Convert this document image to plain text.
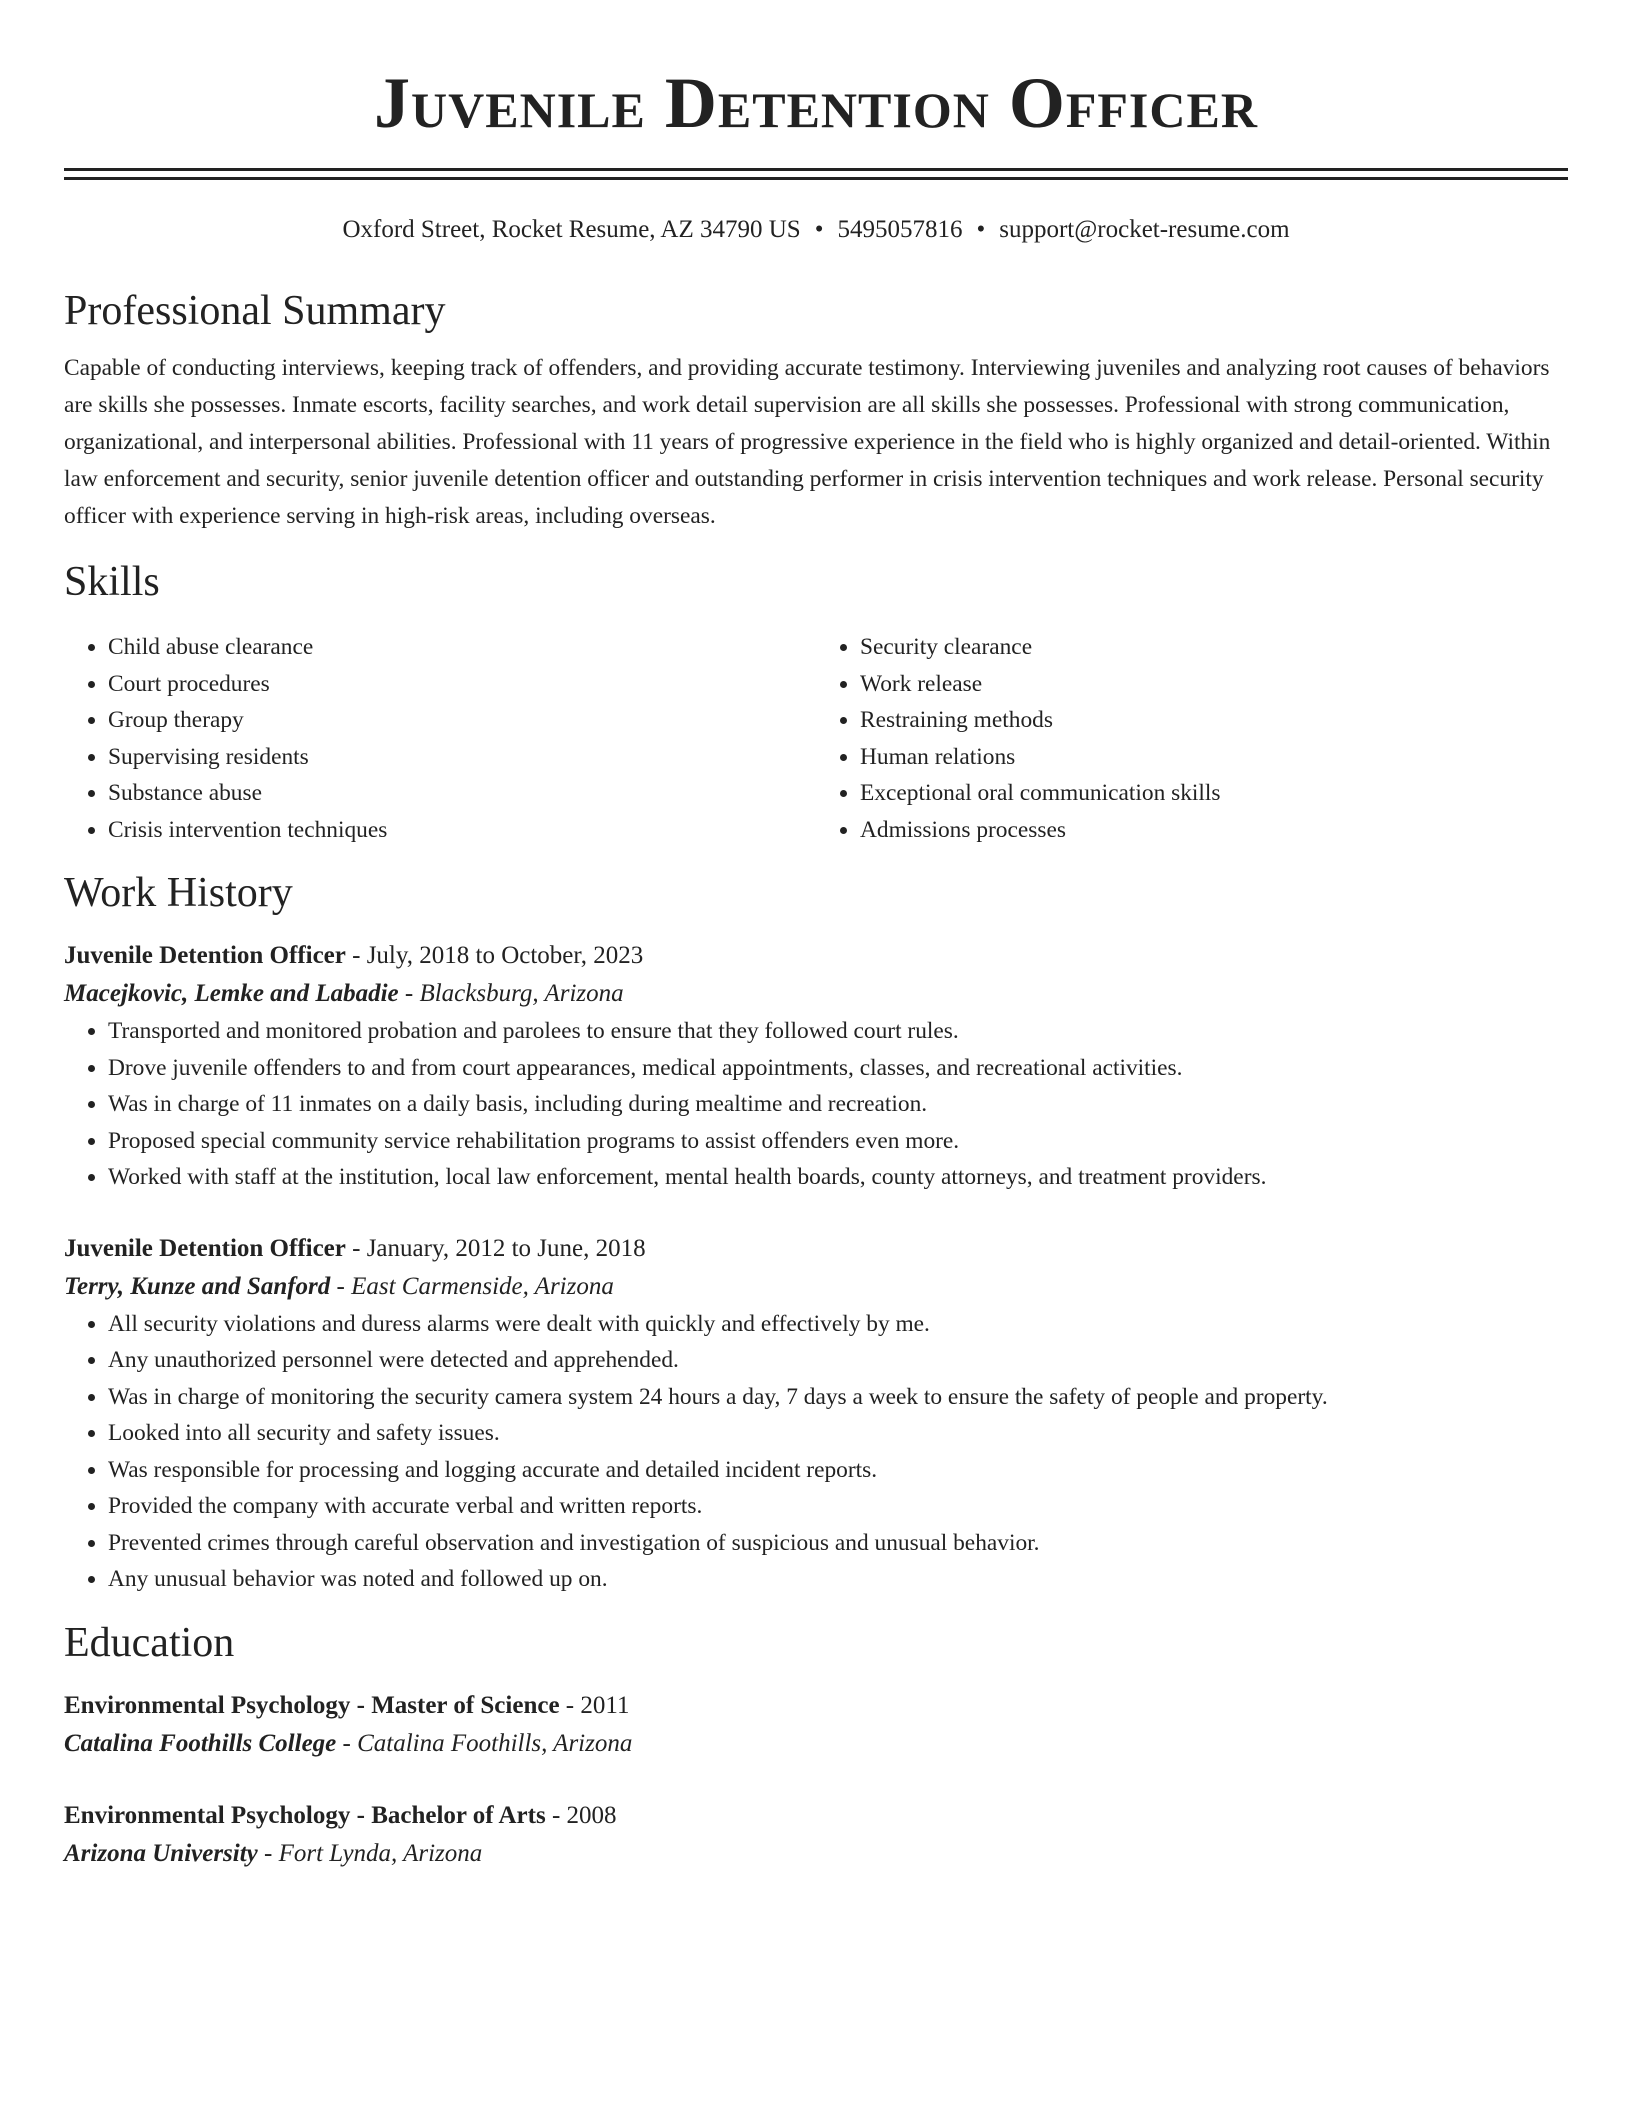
Juvenile Detention Officer
Oxford Street, Rocket Resume, AZ 34790 US • 5495057816 • support@rocket-resume.com
Professional Summary

Capable of conducting interviews, keeping track of offenders, and providing accurate testimony. Interviewing juveniles and analyzing root causes of behaviors are skills she possesses. Inmate escorts, facility searches, and work detail supervision are all skills she possesses. Professional with strong communication, organizational, and interpersonal abilities. Professional with 11 years of progressive experience in the field who is highly organized and detail-oriented. Within law enforcement and security, senior juvenile detention officer and outstanding performer in crisis intervention techniques and work release. Personal security officer with experience serving in high-risk areas, including overseas.

Skills
• Child abuse clearance
• Court procedures
• Group therapy
• Supervising residents
• Substance abuse
• Crisis intervention techniques
• Security clearance
• Work release
• Restraining methods
• Human relations
• Exceptional oral communication skills
• Admissions processes
Work History
Juvenile Detention Officer - July, 2018 to October, 2023
Macejkovic, Lemke and Labadie - Blacksburg, Arizona
• Transported and monitored probation and parolees to ensure that they followed court rules.
• Drove juvenile offenders to and from court appearances, medical appointments, classes, and recreational activities.
• Was in charge of 11 inmates on a daily basis, including during mealtime and recreation.
• Proposed special community service rehabilitation programs to assist offenders even more.
• Worked with staff at the institution, local law enforcement, mental health boards, county attorneys, and treatment providers.
Juvenile Detention Officer - January, 2012 to June, 2018
Terry, Kunze and Sanford - East Carmenside, Arizona
• All security violations and duress alarms were dealt with quickly and effectively by me.
• Any unauthorized personnel were detected and apprehended.
• Was in charge of monitoring the security camera system 24 hours a day, 7 days a week to ensure the safety of people and property.
• Looked into all security and safety issues.
• Was responsible for processing and logging accurate and detailed incident reports.
• Provided the company with accurate verbal and written reports.
• Prevented crimes through careful observation and investigation of suspicious and unusual behavior.
• Any unusual behavior was noted and followed up on.
Education
Environmental Psychology - Master of Science - 2011
Catalina Foothills College - Catalina Foothills, Arizona
Environmental Psychology - Bachelor of Arts - 2008
Arizona University - Fort Lynda, Arizona
